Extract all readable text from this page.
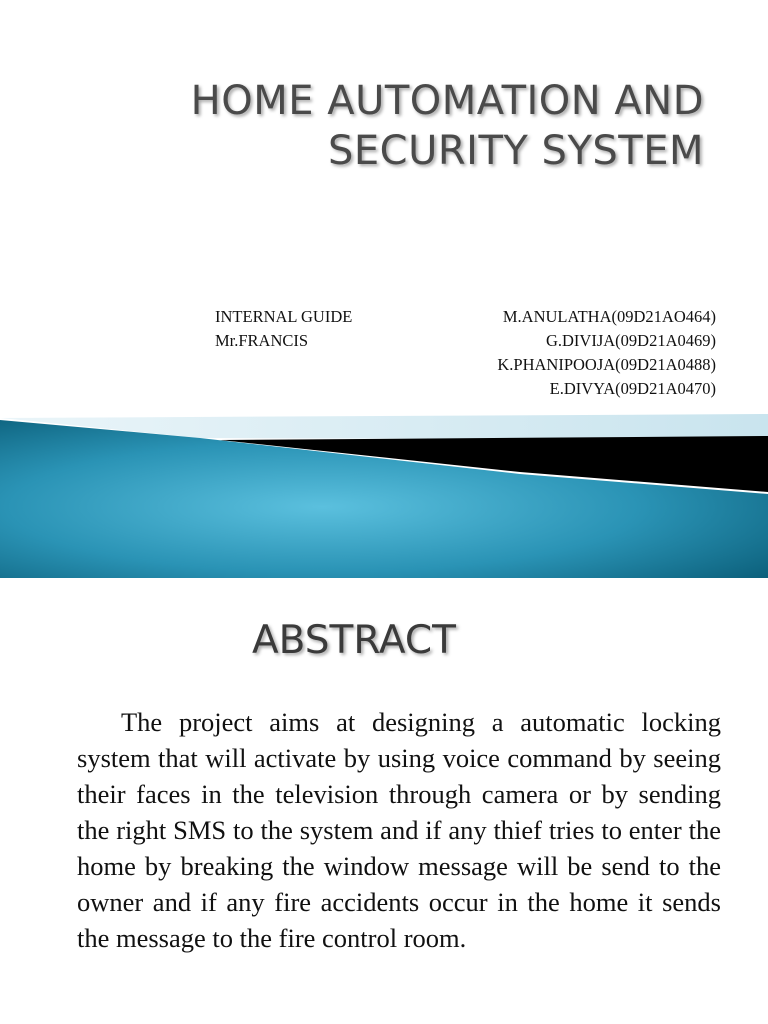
HOME AUTOMATION AND
SECURITY SYSTEM
INTERNAL GUIDE
Mr.FRANCIS
M.ANULATHA(09D21AO464)
G.DIVIJA(09D21A0469)
K.PHANIPOOJA(09D21A0488)
E.DIVYA(09D21A0470)
ABSTRACT

The project aims at designing a automatic locking system that will activate by using voice command by seeing their faces in the television through camera or by sending the right SMS to the system and if any thief tries to enter the home by breaking the window message will be send to the owner and if any fire accidents occur in the home it sends the message to the fire control room.
